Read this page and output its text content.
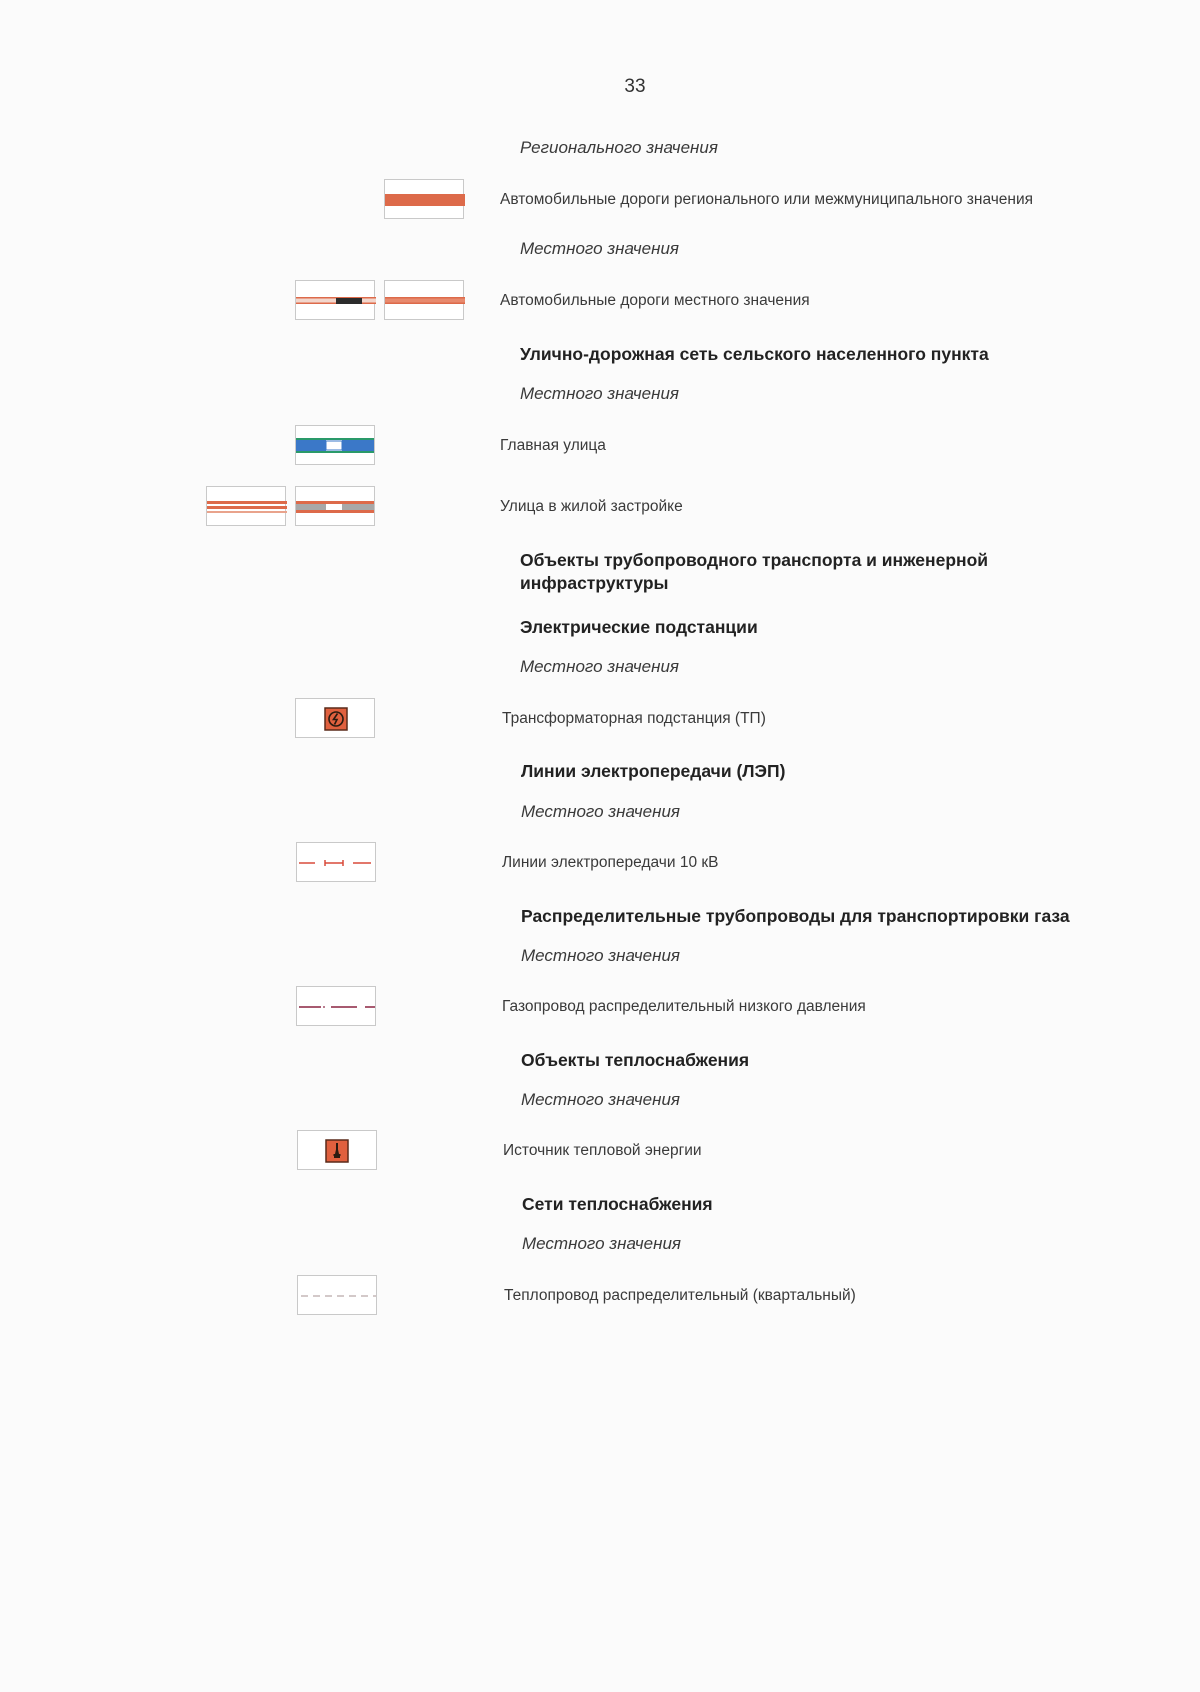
33
Регионального значения
Автомобильные дороги регионального или межмуниципального значения
Местного значения
Автомобильные дороги местного значения
Улично-дорожная сеть сельского населенного пункта
Местного значения
Главная улица
Улица в жилой застройке
Объекты трубопроводного транспорта и инженерной инфраструктуры
Электрические подстанции
Местного значения
Трансформаторная подстанция (ТП)
Линии электропередачи (ЛЭП)
Местного значения
Линии электропередачи 10 кВ
Распределительные трубопроводы для транспортировки газа
Местного значения
Газопровод распределительный низкого давления
Объекты теплоснабжения
Местного значения
Источник тепловой энергии
Сети теплоснабжения
Местного значения
Теплопровод распределительный (квартальный)
